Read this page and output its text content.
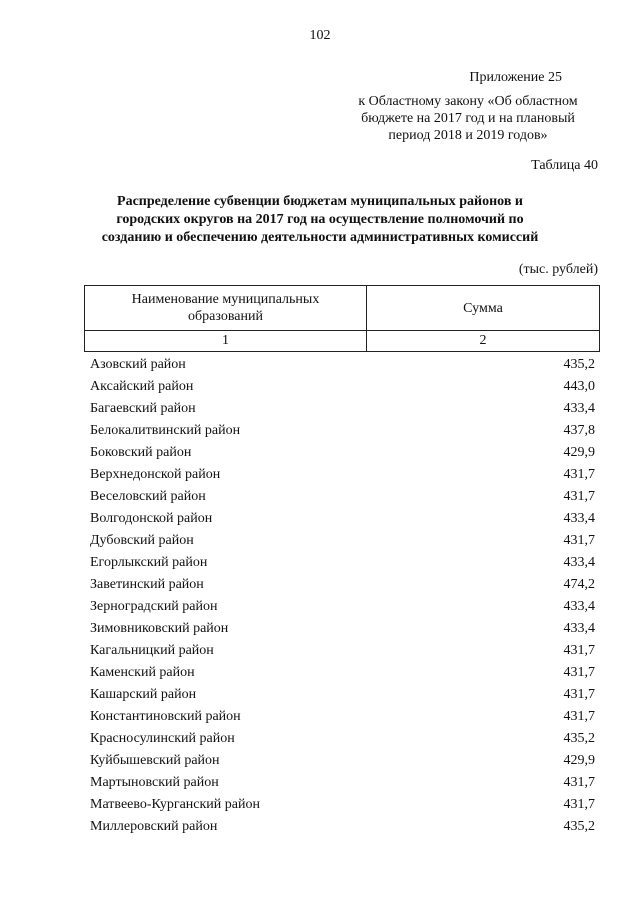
102
Приложение 25
к Областному закону «Об областном
бюджете на 2017 год и на плановый
период 2018 и 2019 годов»
Таблица 40
Распределение субвенции бюджетам муниципальных районов и
городских округов на 2017 год на осуществление полномочий по
созданию и обеспечению деятельности административных комиссий
(тыс. рублей)
Наименование муниципальных
образований	Сумма
1	2
Азовский район	435,2
Аксайский район	443,0
Багаевский район	433,4
Белокалитвинский район	437,8
Боковский район	429,9
Верхнедонской район	431,7
Веселовский район	431,7
Волгодонской район	433,4
Дубовский район	431,7
Егорлыкский район	433,4
Заветинский район	474,2
Зерноградский район	433,4
Зимовниковский район	433,4
Кагальницкий район	431,7
Каменский район	431,7
Кашарский район	431,7
Константиновский район	431,7
Красносулинский район	435,2
Куйбышевский район	429,9
Мартыновский район	431,7
Матвеево-Курганский район	431,7
Миллеровский район	435,2
